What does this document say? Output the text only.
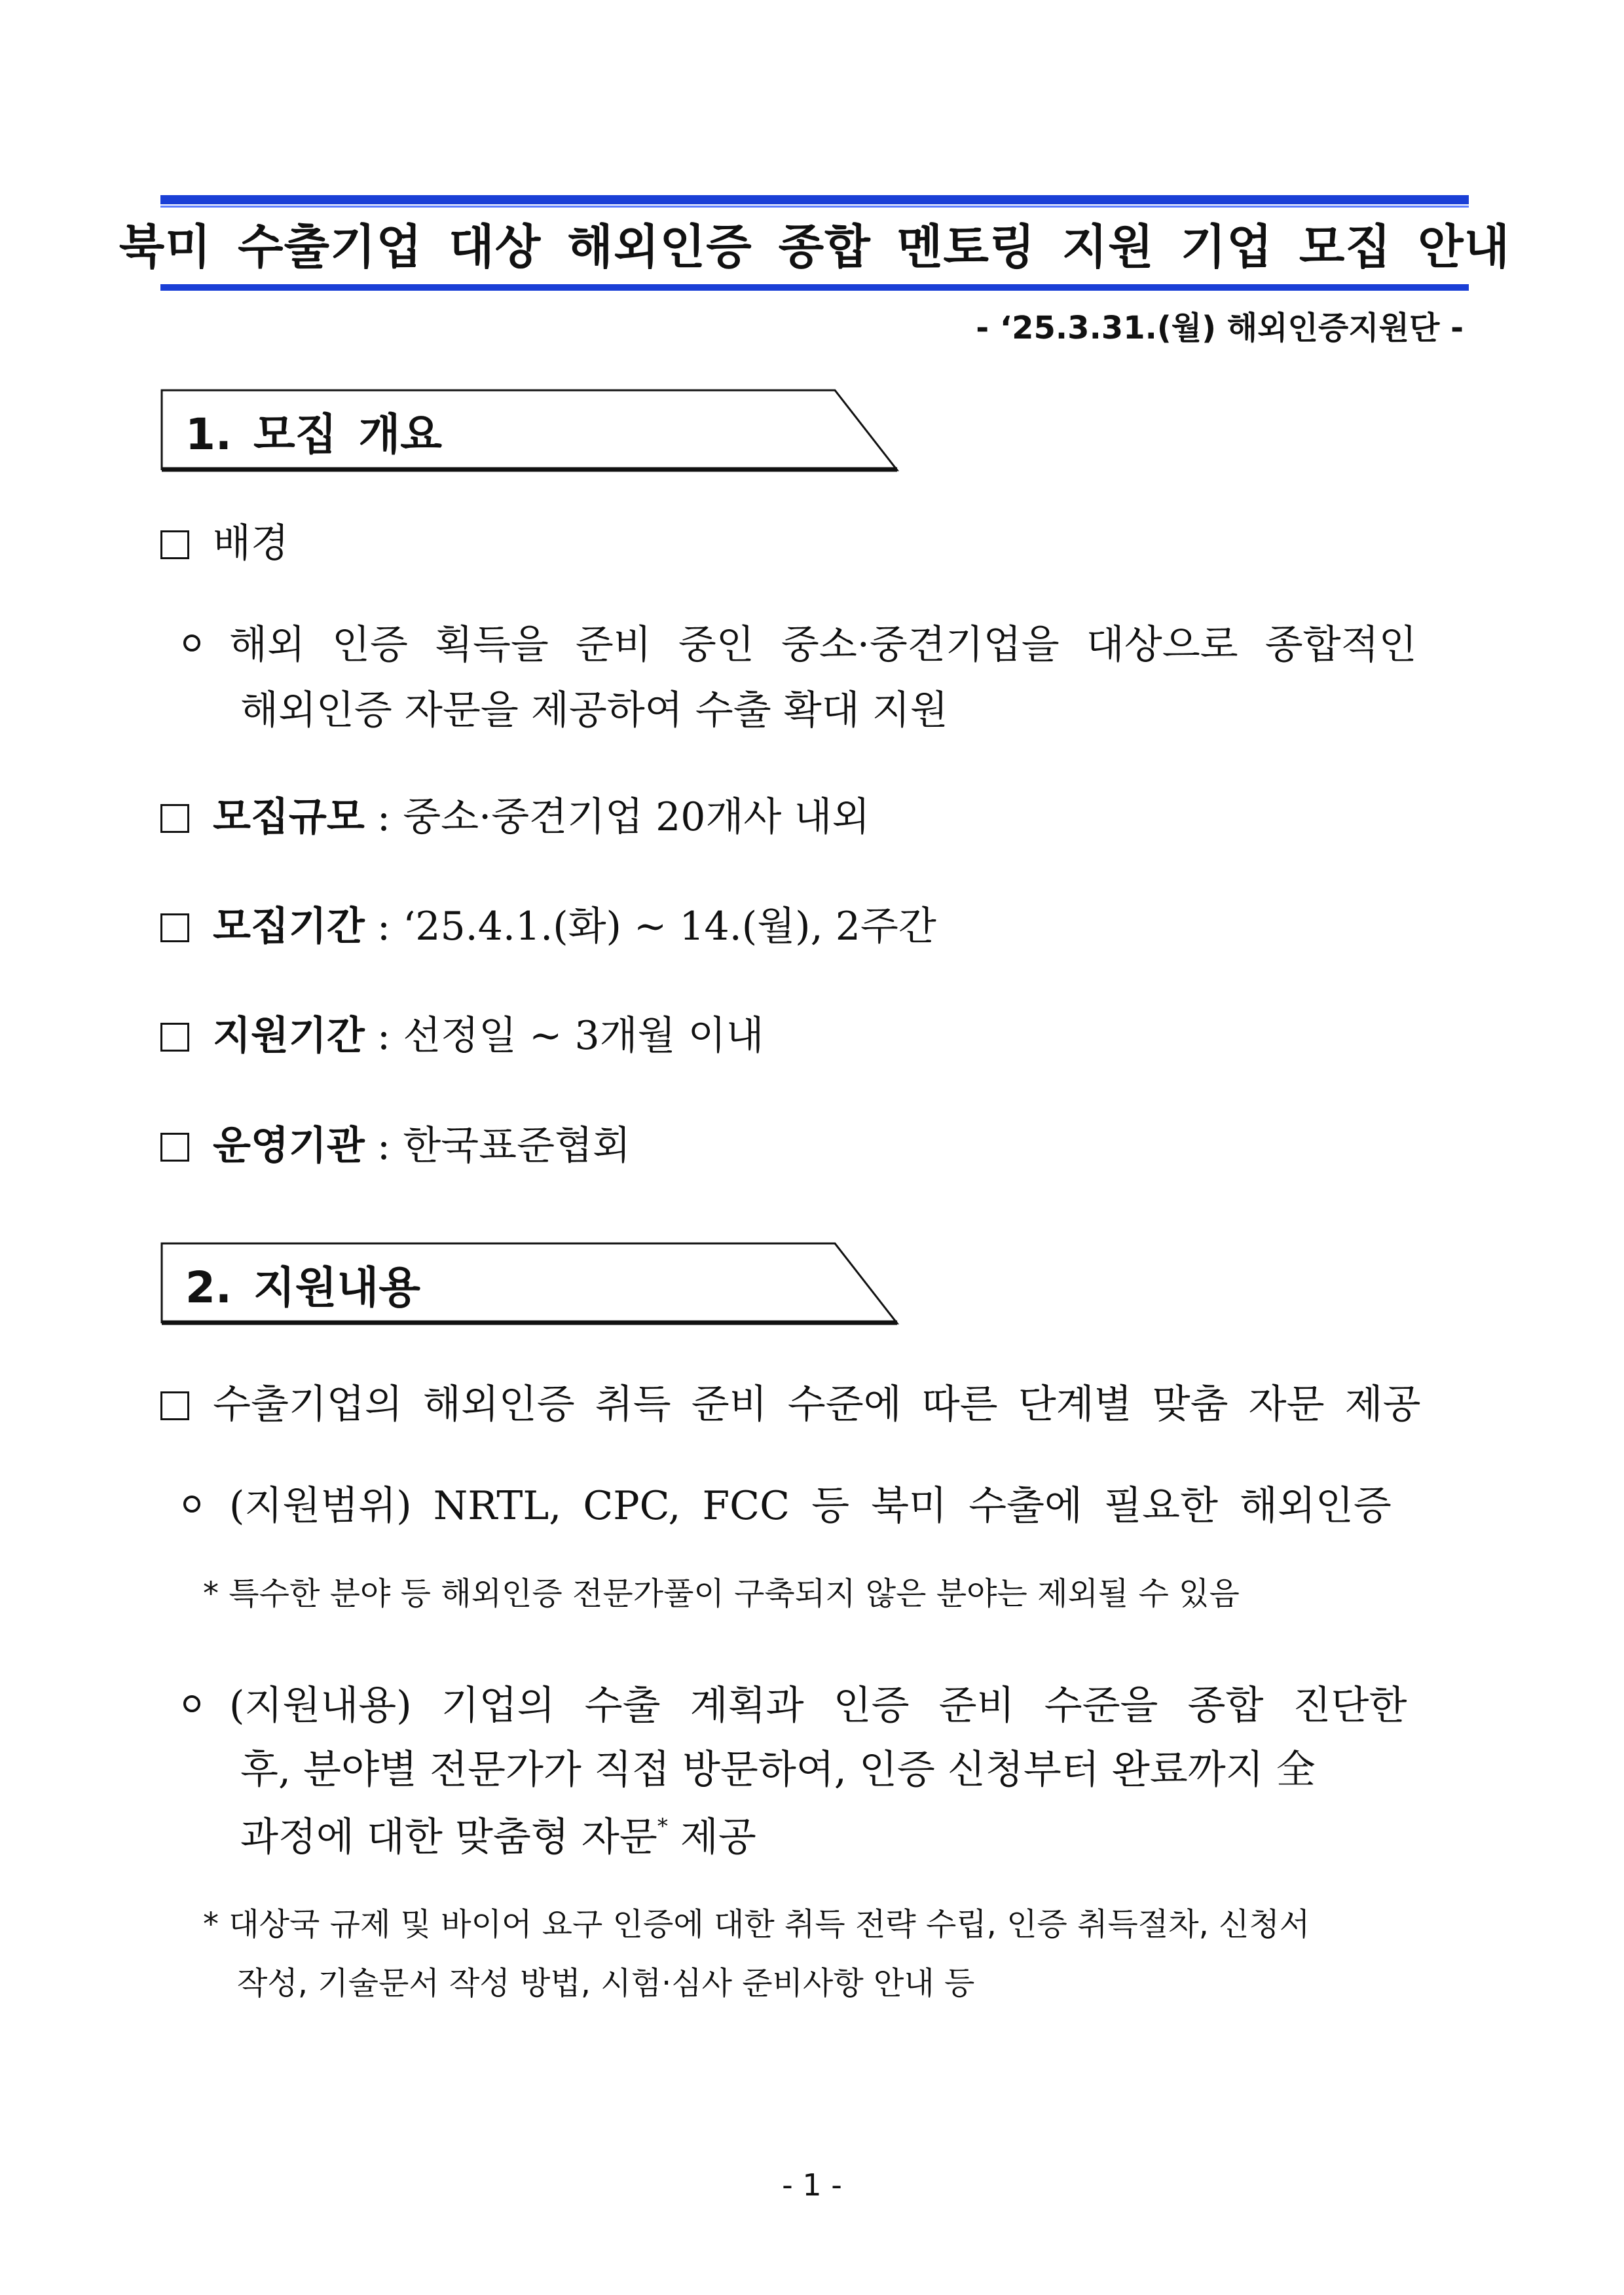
북미 수출기업 대상 해외인증 종합 멘토링 지원 기업 모집 안내
- ‘25.3.31.(월) 해외인증지원단 -
1. 모집 개요
배경
해외 인증 획득을 준비 중인 중소·중견기업을 대상으로 종합적인
해외인증 자문을 제공하여 수출 확대 지원
모집규모 : 중소·중견기업 20개사 내외
모집기간 : ‘25.4.1.(화) ~ 14.(월), 2주간
지원기간 : 선정일 ~ 3개월 이내
운영기관 : 한국표준협회
2. 지원내용
수출기업의 해외인증 취득 준비 수준에 따른 단계별 맞춤 자문 제공
(지원범위) NRTL, CPC, FCC 등 북미 수출에 필요한 해외인증
* 특수한 분야 등 해외인증 전문가풀이 구축되지 않은 분야는 제외될 수 있음
(지원내용) 기업의 수출 계획과 인증 준비 수준을 종합 진단한
후, 분야별 전문가가 직접 방문하여, 인증 신청부터 완료까지 全
과정에 대한 맞춤형 자문* 제공
* 대상국 규제 및 바이어 요구 인증에 대한 취득 전략 수립, 인증 취득절차, 신청서
작성, 기술문서 작성 방법, 시험·심사 준비사항 안내 등
- 1 -
